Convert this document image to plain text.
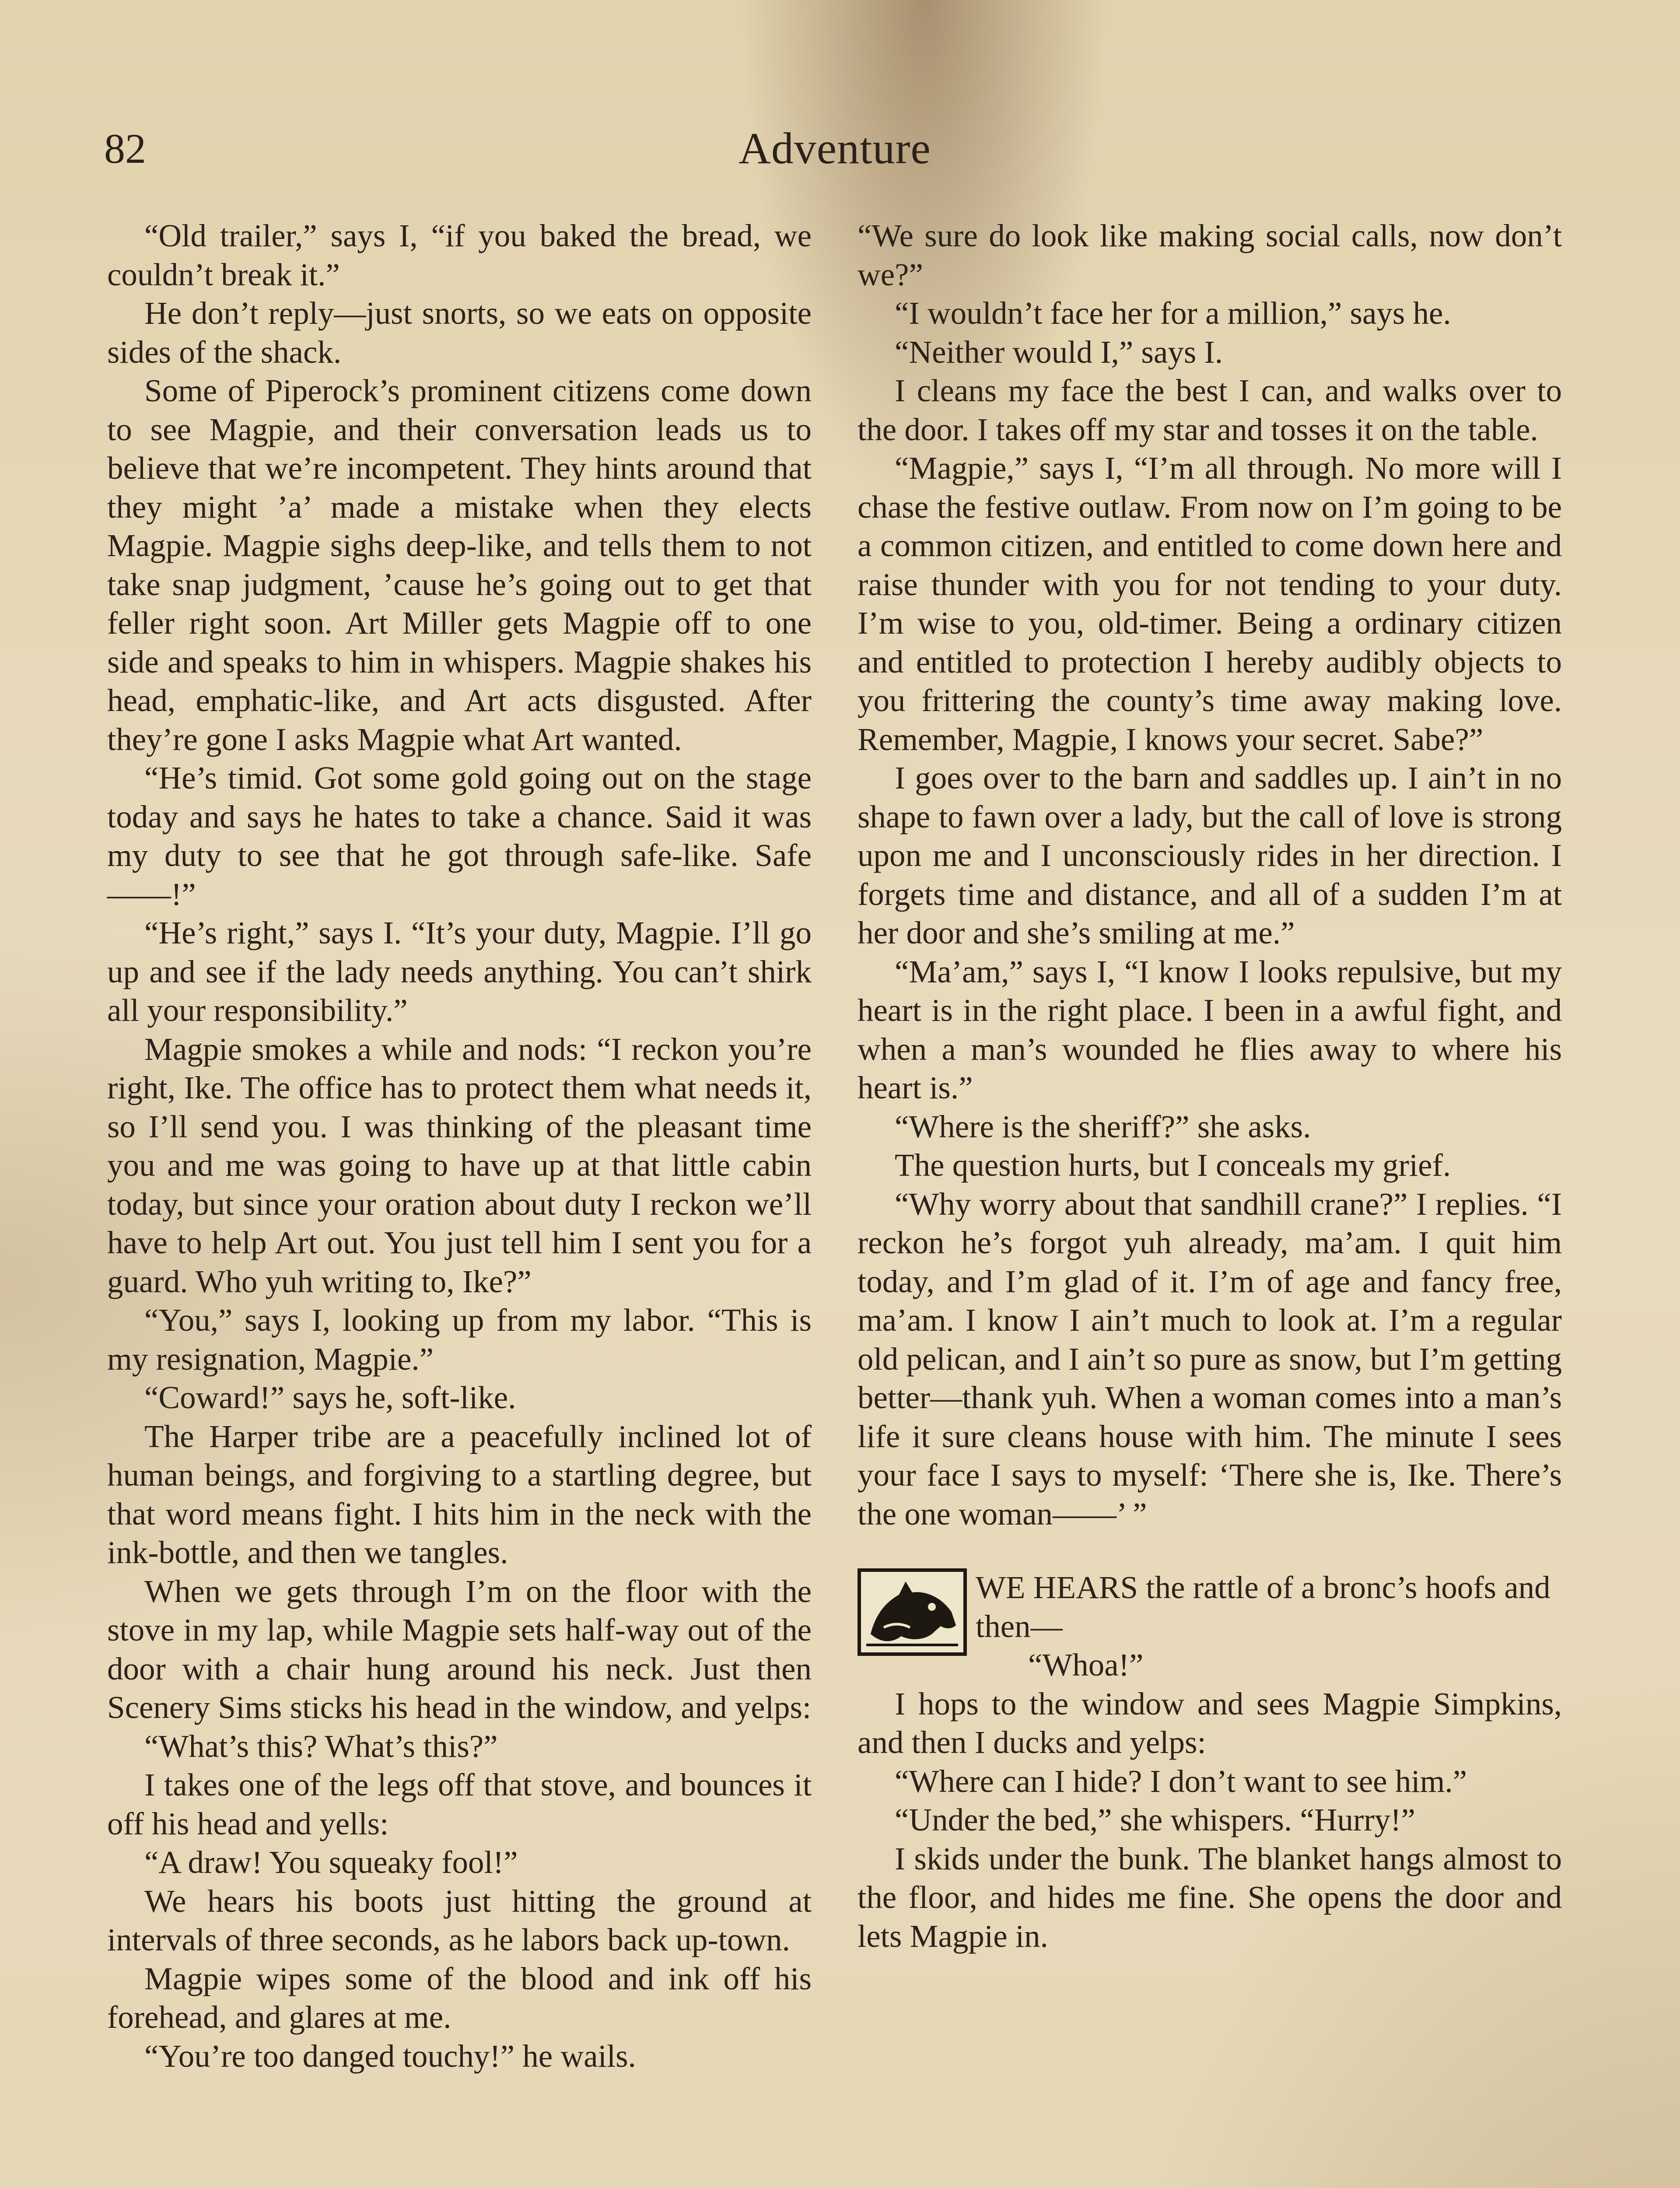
82	Adventure

“Old trailer,” says I, “if you baked the bread, we couldn’t break it.”

He don’t reply—just snorts, so we eats on opposite sides of the shack.

Some of Piperock’s prominent citizens come down to see Magpie, and their conversation leads us to believe that we’re incompetent. They hints around that they might ’a’ made a mistake when they elects Magpie. Magpie sighs deep-like, and tells them to not take snap judgment, ’cause he’s going out to get that feller right soon. Art Miller gets Magpie off to one side and speaks to him in whispers. Magpie shakes his head, emphatic-like, and Art acts disgusted. After they’re gone I asks Magpie what Art wanted.

“He’s timid. Got some gold going out on the stage today and says he hates to take a chance. Said it was my duty to see that he got through safe-like. Safe ——!”

“He’s right,” says I. “It’s your duty, Magpie. I’ll go up and see if the lady needs anything. You can’t shirk all your responsibility.”

Magpie smokes a while and nods: “I reckon you’re right, Ike. The office has to protect them what needs it, so I’ll send you. I was thinking of the pleasant time you and me was going to have up at that little cabin today, but since your oration about duty I reckon we’ll have to help Art out. You just tell him I sent you for a guard. Who yuh writing to, Ike?”

“You,” says I, looking up from my labor. “This is my resignation, Magpie.”

“Coward!” says he, soft-like.

The Harper tribe are a peacefully inclined lot of human beings, and forgiving to a startling degree, but that word means fight. I hits him in the neck with the ink-bottle, and then we tangles.

When we gets through I’m on the floor with the stove in my lap, while Magpie sets half-way out of the door with a chair hung around his neck. Just then Scenery Sims sticks his head in the window, and yelps:

“What’s this? What’s this?”

I takes one of the legs off that stove, and bounces it off his head and yells:

“A draw! You squeaky fool!”

We hears his boots just hitting the ground at intervals of three seconds, as he labors back up-town.

Magpie wipes some of the blood and ink off his forehead, and glares at me.

“You’re too danged touchy!” he wails.

“We sure do look like making social calls, now don’t we?”

“I wouldn’t face her for a million,” says he.

“Neither would I,” says I.

I cleans my face the best I can, and walks over to the door. I takes off my star and tosses it on the table.

“Magpie,” says I, “I’m all through. No more will I chase the festive outlaw. From now on I’m going to be a common citizen, and entitled to come down here and raise thunder with you for not tending to your duty. I’m wise to you, old-timer. Being a ordinary citizen and entitled to protection I hereby audibly objects to you frittering the county’s time away making love. Remember, Magpie, I knows your secret. Sabe?”

I goes over to the barn and saddles up. I ain’t in no shape to fawn over a lady, but the call of love is strong upon me and I unconsciously rides in her direction. I forgets time and distance, and all of a sudden I’m at her door and she’s smiling at me.”

“Ma’am,” says I, “I know I looks repulsive, but my heart is in the right place. I been in a awful fight, and when a man’s wounded he flies away to where his heart is.”

“Where is the sheriff?” she asks.

The question hurts, but I conceals my grief.

“Why worry about that sandhill crane?” I replies. “I reckon he’s forgot yuh already, ma’am. I quit him today, and I’m glad of it. I’m of age and fancy free, ma’am. I know I ain’t much to look at. I’m a regular old pelican, and I ain’t so pure as snow, but I’m getting better—thank yuh. When a woman comes into a man’s life it sure cleans house with him. The minute I sees your face I says to myself: ‘There she is, Ike. There’s the one woman——’ ”

WE HEARS the rattle of a bronc’s hoofs and then—

“Whoa!”

I hops to the window and sees Magpie Simpkins, and then I ducks and yelps:

“Where can I hide? I don’t want to see him.”

“Under the bed,” she whispers. “Hurry!”

I skids under the bunk. The blanket hangs almost to the floor, and hides me fine. She opens the door and lets Magpie in.
